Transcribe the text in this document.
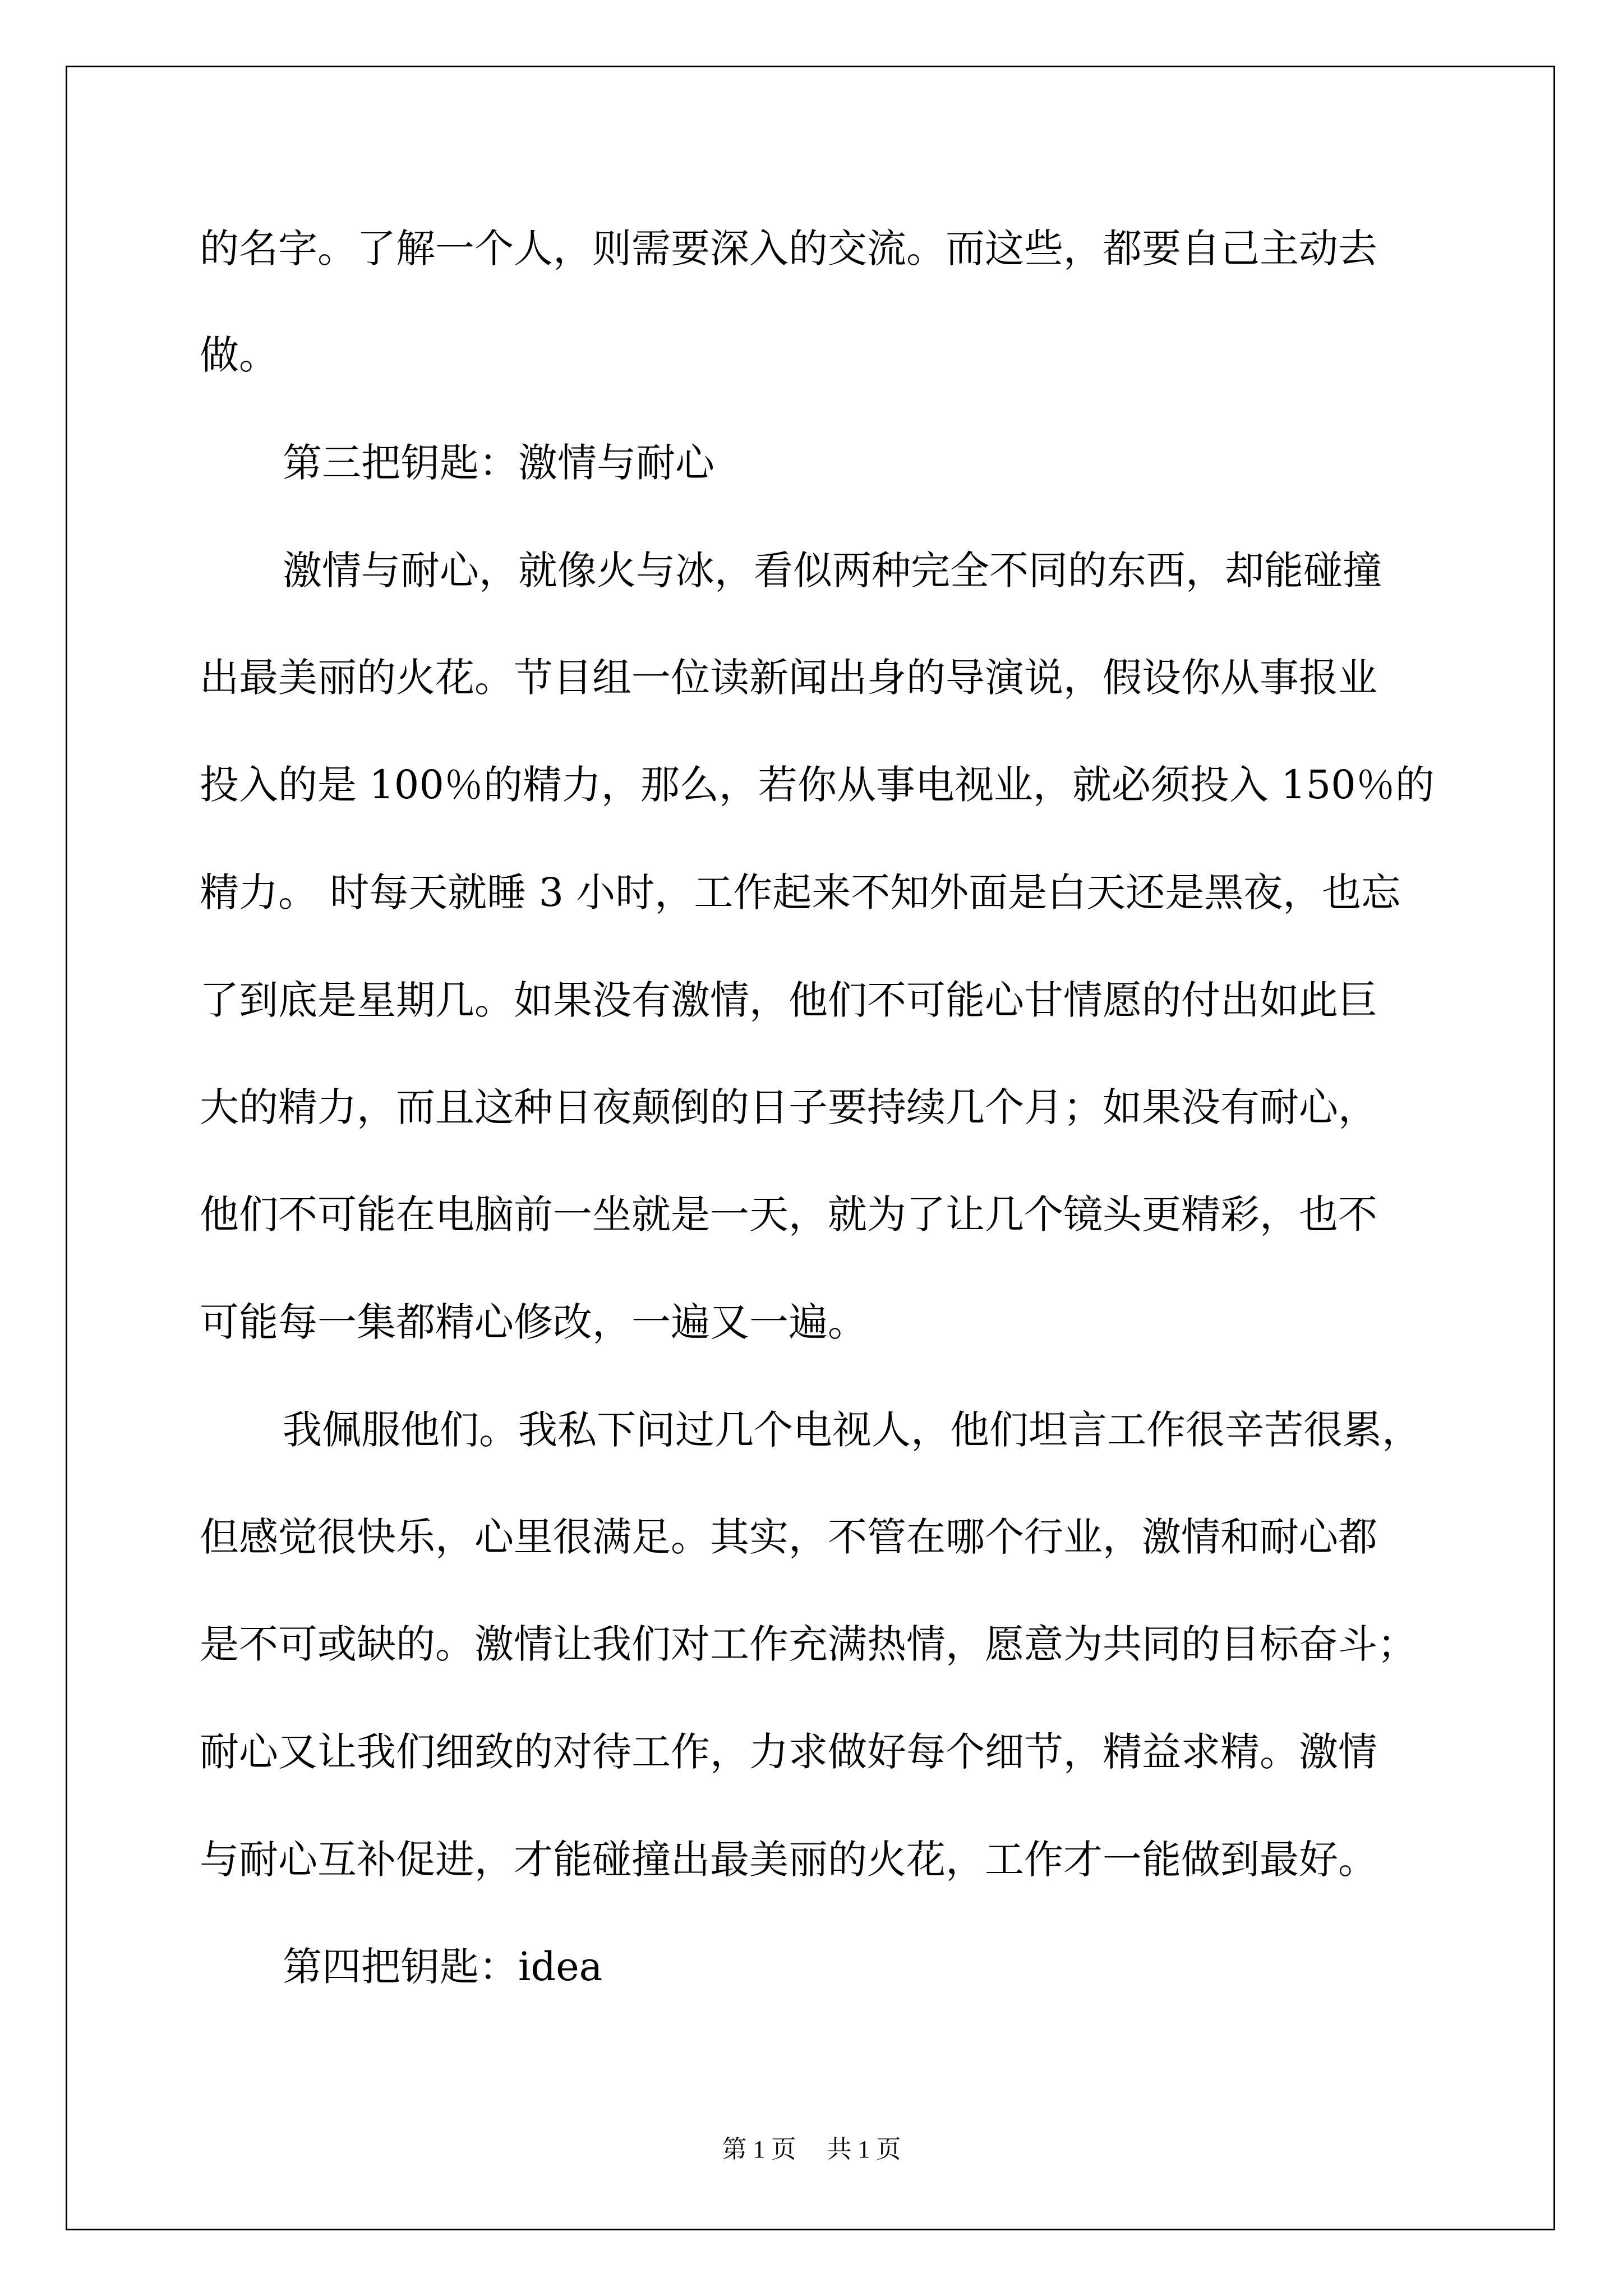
的名字。了解一个人，则需要深入的交流。而这些，都要自己主动去
做。
第三把钥匙：激情与耐心
激情与耐心，就像火与冰，看似两种完全不同的东西，却能碰撞
出最美丽的火花。节目组一位读新闻出身的导演说，假设你从事报业
投入的是 100％的精力，那么，若你从事电视业，就必须投入 150％的
精力。 时每天就睡 3 小时，工作起来不知外面是白天还是黑夜，也忘
了到底是星期几。如果没有激情，他们不可能心甘情愿的付出如此巨
大的精力，而且这种日夜颠倒的日子要持续几个月；如果没有耐心，
他们不可能在电脑前一坐就是一天，就为了让几个镜头更精彩，也不
可能每一集都精心修改，一遍又一遍。
我佩服他们。我私下问过几个电视人，他们坦言工作很辛苦很累，
但感觉很快乐，心里很满足。其实，不管在哪个行业，激情和耐心都
是不可或缺的。激情让我们对工作充满热情，愿意为共同的目标奋斗；
耐心又让我们细致的对待工作，力求做好每个细节，精益求精。激情
与耐心互补促进，才能碰撞出最美丽的火花，工作才一能做到最好。
第四把钥匙：idea
第 1 页　 共 1 页
